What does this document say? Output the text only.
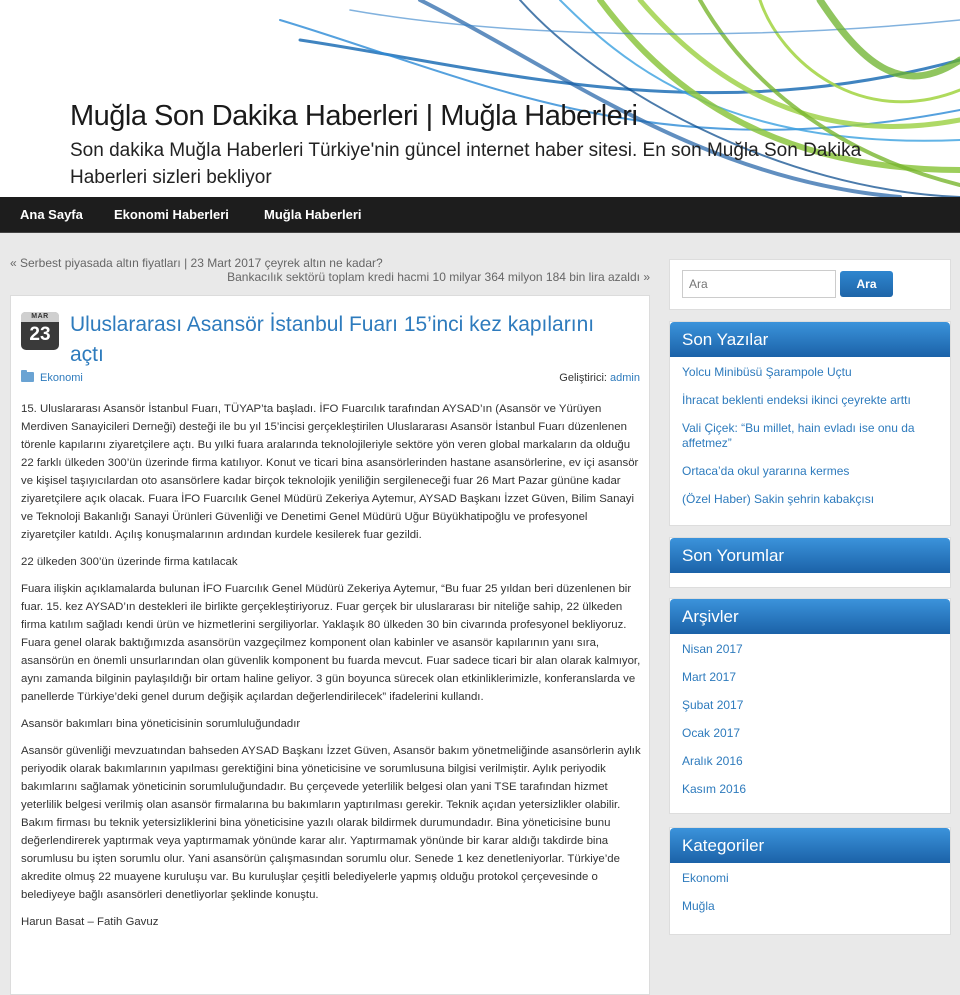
Muğla Son Dakika Haberleri | Muğla Haberleri

Son dakika Muğla Haberleri Türkiye'nin güncel internet haber sitesi. En son Muğla Son Dakika Haberleri sizleri bekliyor

Ana Sayfa Ekonomi Haberleri	Muğla Haberleri
« Serbest piyasada altın fiyatları | 23 Mart 2017 çeyrek altın ne kadar?
Bankacılık sektörü toplam kredi hacmi 10 milyar 364 milyon 184 bin lira azaldı »
MAR
23 Uluslararası Asansör İstanbul Fuarı 15’inci kez kapılarını açtı
Ekonomi	Geliştirici: admin

15. Uluslararası Asansör İstanbul Fuarı, TÜYAP’ta başladı. İFO Fuarcılık tarafından AYSAD’ın (Asansör ve Yürüyen Merdiven Sanayicileri Derneği) desteği ile bu yıl 15’incisi gerçekleştirilen Uluslararası Asansör İstanbul Fuarı düzenlenen törenle kapılarını ziyaretçilere açtı. Bu yılki fuara aralarında teknolojileriyle sektöre yön veren global markaların da olduğu 22 farklı ülkeden 300’ün üzerinde firma katılıyor. Konut ve ticari bina asansörlerinden hastane asansörlerine, ev içi asansör ve kişisel taşıyıcılardan oto asansörlere kadar birçok teknolojik yeniliğin sergileneceği fuar 26 Mart Pazar gününe kadar ziyaretçilere açık olacak. Fuara İFO Fuarcılık Genel Müdürü Zekeriya Aytemur, AYSAD Başkanı İzzet Güven, Bilim Sanayi ve Teknoloji Bakanlığı Sanayi Ürünleri Güvenliği ve Denetimi Genel Müdürü Uğur Büyükhatipoğlu ve profesyonel ziyaretçiler katıldı. Açılış konuşmalarının ardından kurdele kesilerek fuar gezildi.

22 ülkeden 300’ün üzerinde firma katılacak

Fuara ilişkin açıklamalarda bulunan İFO Fuarcılık Genel Müdürü Zekeriya Aytemur, “Bu fuar 25 yıldan beri düzenlenen bir fuar. 15. kez AYSAD’ın destekleri ile birlikte gerçekleştiriyoruz. Fuar gerçek bir uluslararası bir niteliğe sahip, 22 ülkeden firma katılım sağladı kendi ürün ve hizmetlerini sergiliyorlar. Yaklaşık 80 ülkeden 30 bin civarında profesyonel bekliyoruz. Fuara genel olarak baktığımızda asansörün vazgeçilmez komponent olan kabinler ve asansör kapılarının yanı sıra, asansörün en önemli unsurlarından olan güvenlik komponent bu fuarda mevcut. Fuar sadece ticari bir alan olarak kalmıyor, aynı zamanda bilginin paylaşıldığı bir ortam haline geliyor. 3 gün boyunca sürecek olan etkinliklerimizle, konferanslarda ve panellerde Türkiye’deki genel durum değişik açılardan değerlendirilecek” ifadelerini kullandı.

Asansör bakımları bina yöneticisinin sorumluluğundadır

Asansör güvenliği mevzuatından bahseden AYSAD Başkanı İzzet Güven, Asansör bakım yönetmeliğinde asansörlerin aylık periyodik olarak bakımlarının yapılması gerektiğini bina yöneticisine ve sorumlusuna bilgisi verilmiştir. Aylık periyodik bakımlarını sağlamak yöneticinin sorumluluğundadır. Bu çerçevede yeterlilik belgesi olan yani TSE tarafından hizmet yeterlilik belgesi verilmiş olan asansör firmalarına bu bakımların yaptırılması gerekir. Teknik açıdan yetersizlikler olabilir. Bakım firması bu teknik yetersizliklerini bina yöneticisine yazılı olarak bildirmek durumundadır. Bina yöneticisine bunu değerlendirerek yaptırmak veya yaptırmamak yönünde karar alır. Yaptırmamak yönünde bir karar aldığı takdirde bina sorumlusu bu işten sorumlu olur. Yani asansörün çalışmasından sorumlu olur. Senede 1 kez denetleniyorlar. Türkiye’de akredite olmuş 22 muayene kuruluşu var. Bu kuruluşlar çeşitli belediyelerle yapmış olduğu protokol çerçevesinde o belediyeye bağlı asansörleri denetliyorlar şeklinde konuştu.

Harun Basat – Fatih Gavuz

Ara
Ara
Son Yazılar
Yolcu Minibüsü Şarampole Uçtu
İhracat beklenti endeksi ikinci çeyrekte arttı
Vali Çiçek: “Bu millet, hain evladı ise onu da affetmez”
Ortaca’da okul yararına kermes
(Özel Haber) Sakin şehrin kabakçısı
Son Yorumlar
Arşivler
Nisan 2017
Mart 2017
Şubat 2017
Ocak 2017
Aralık 2016
Kasım 2016
Kategoriler
Ekonomi
Muğla
